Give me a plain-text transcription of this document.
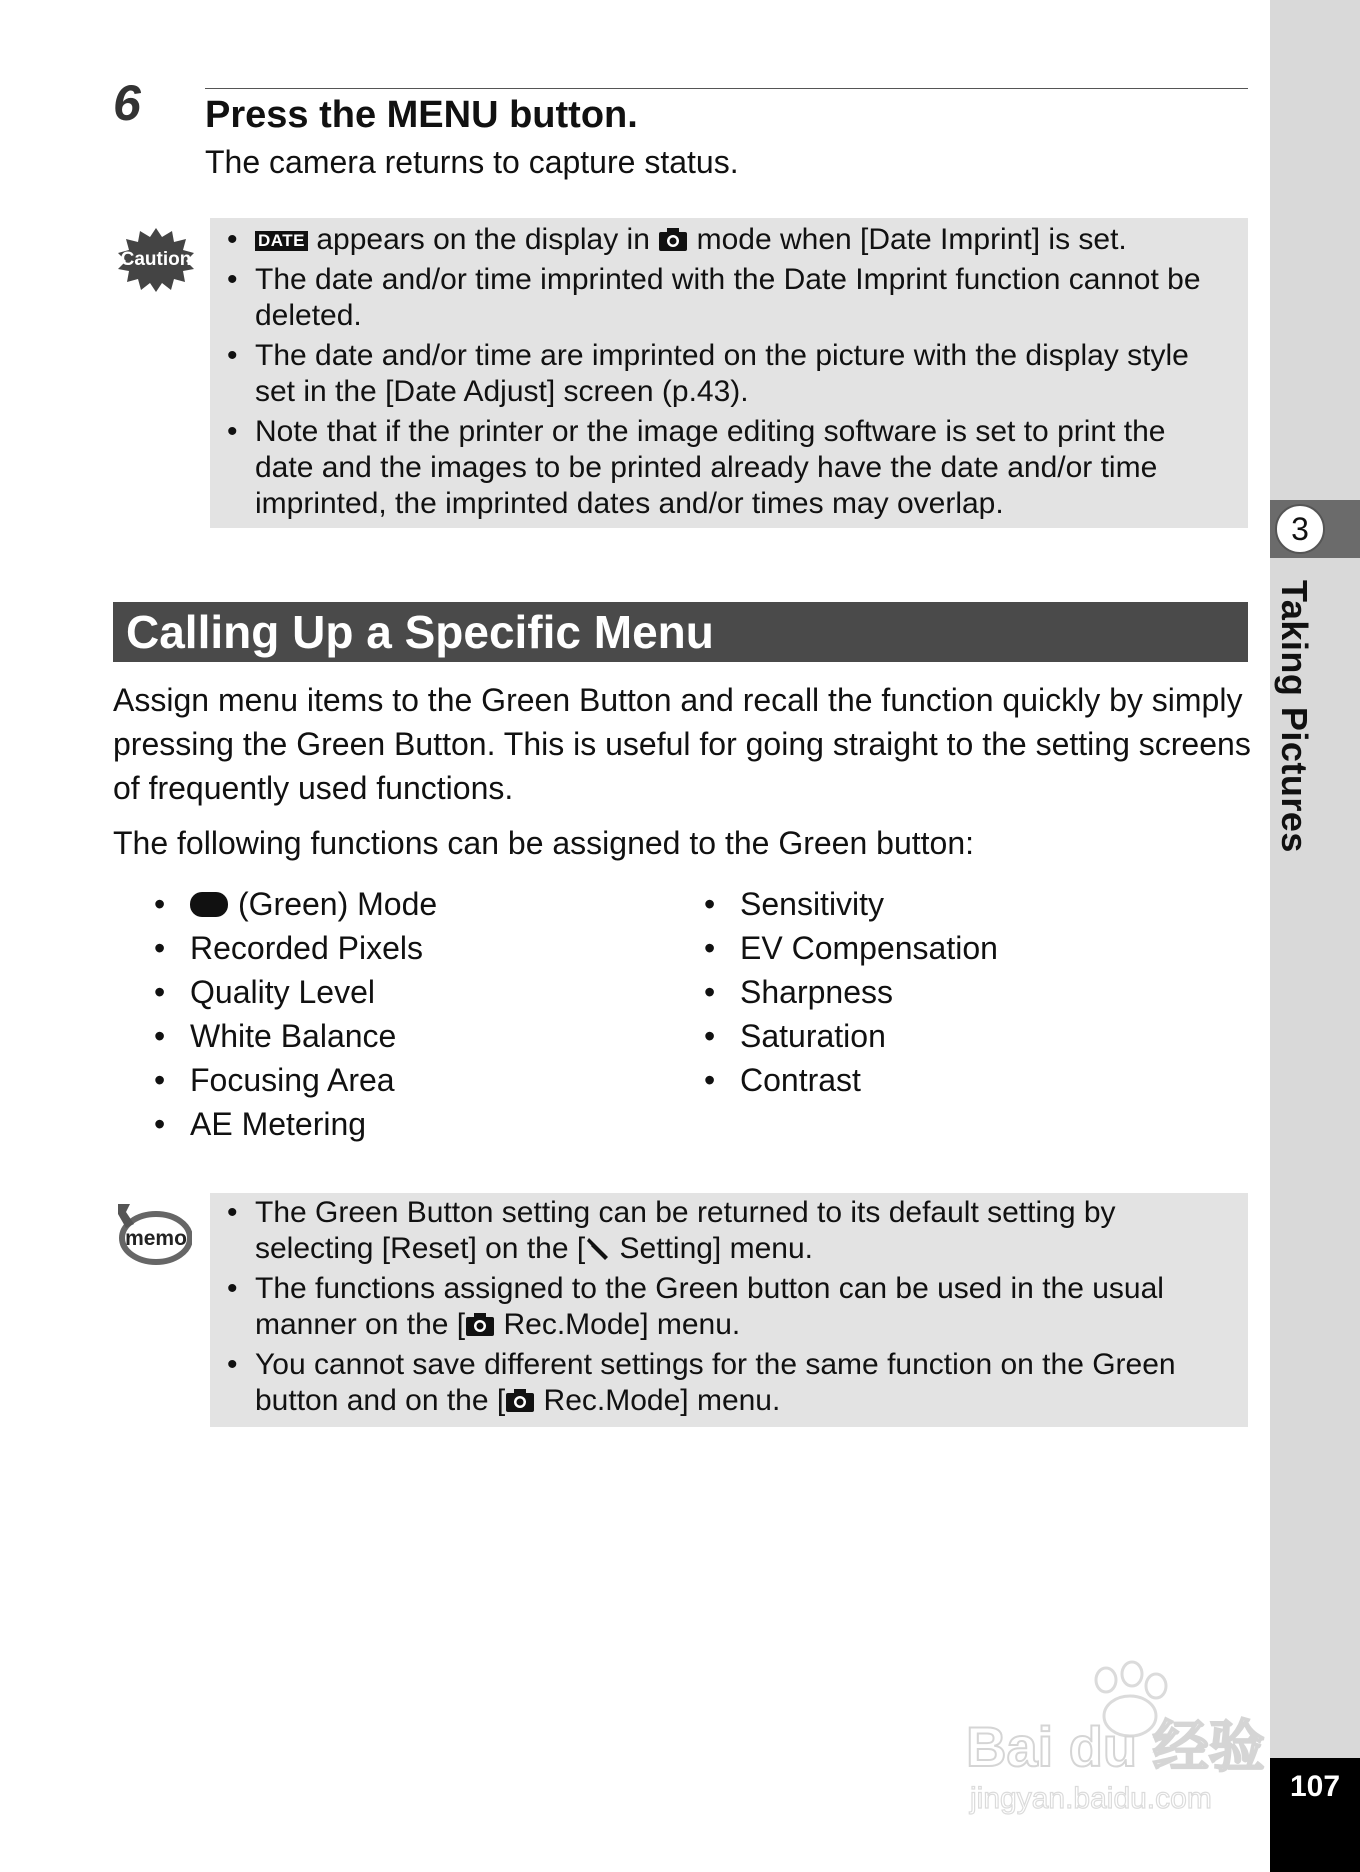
3
Taking Pictures
107
6 Press the MENU button.
The camera returns to capture status.
Caution
• DATE appears on the display in  mode when [Date Imprint] is set.
• The date and/or time imprinted with the Date Imprint function cannot be deleted.
• The date and/or time are imprinted on the picture with the display style set in the [Date Adjust] screen (p.43).
• Note that if the printer or the image editing software is set to print the date and the images to be printed already have the date and/or time imprinted, the imprinted dates and/or times may overlap.
Calling Up a Specific Menu

Assign menu items to the Green Button and recall the function quickly by simply pressing the Green Button. This is useful for going straight to the setting screens of frequently used functions.

The following functions can be assigned to the Green button:

• (Green) Mode
• Recorded Pixels
• Quality Level
• White Balance
• Focusing Area
• AE Metering
• Sensitivity
• EV Compensation
• Sharpness
• Saturation
• Contrast
memo
• The Green Button setting can be returned to its default setting by selecting [Reset] on the [ Setting] menu.
• The functions assigned to the Green button can be used in the usual manner on the [ Rec.Mode] menu.
• You cannot save different settings for the same function on the Green button and on the [ Rec.Mode] menu.
Bai du 经验
jingyan.baidu.com
